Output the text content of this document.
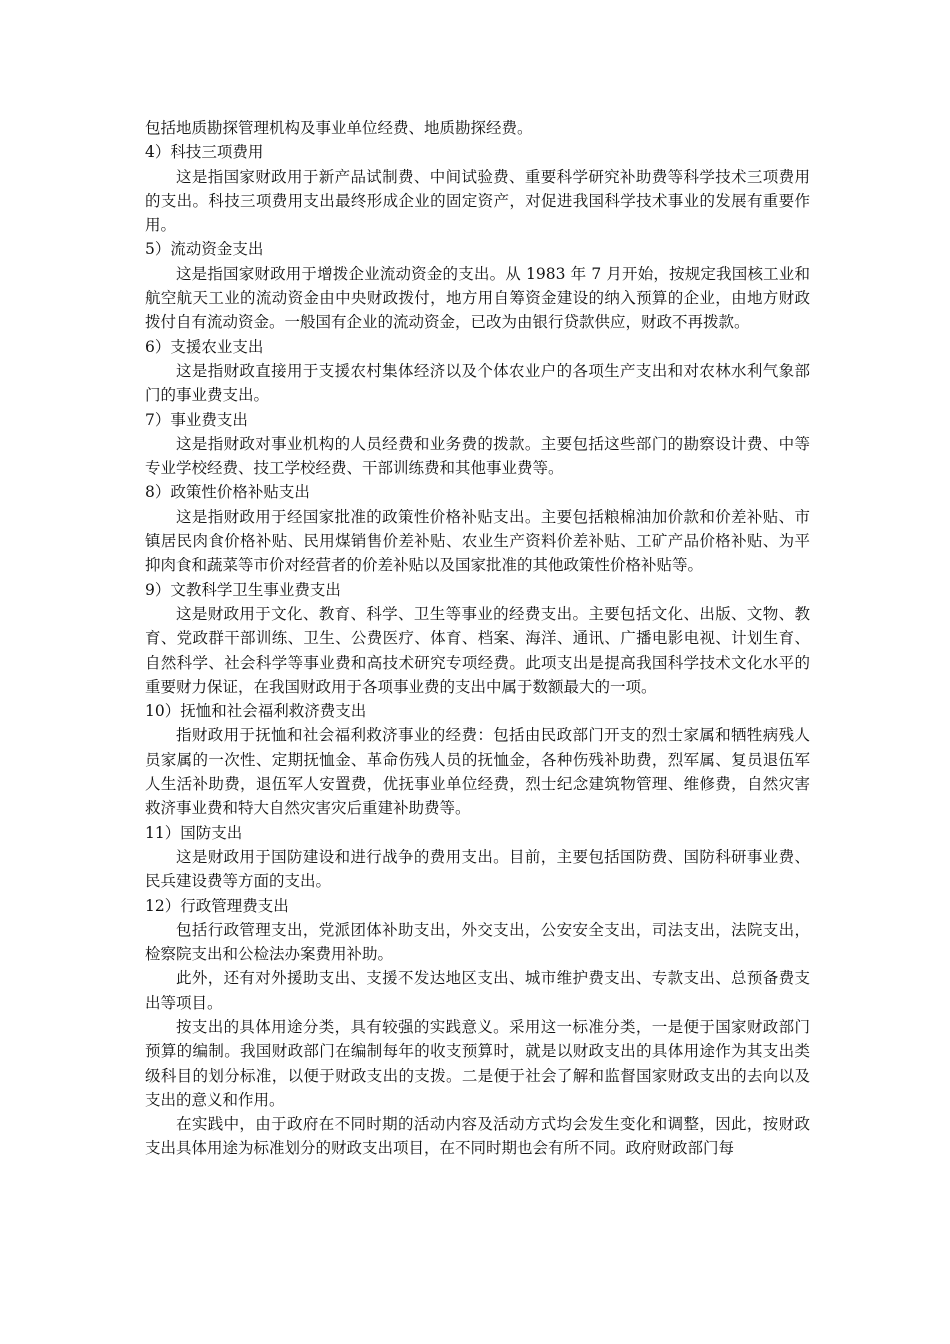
包括地质勘探管理机构及事业单位经费、地质勘探经费。

4）科技三项费用

这是指国家财政用于新产品试制费、中间试验费、重要科学研究补助费等科学技术三项费用的支出。科技三项费用支出最终形成企业的固定资产，对促进我国科学技术事业的发展有重要作用。

5）流动资金支出

这是指国家财政用于增拨企业流动资金的支出。从 1983 年 7 月开始，按规定我国核工业和航空航天工业的流动资金由中央财政拨付，地方用自筹资金建设的纳入预算的企业，由地方财政拨付自有流动资金。一般国有企业的流动资金，已改为由银行贷款供应，财政不再拨款。

6）支援农业支出

这是指财政直接用于支援农村集体经济以及个体农业户的各项生产支出和对农林水利气象部门的事业费支出。

7）事业费支出

这是指财政对事业机构的人员经费和业务费的拨款。主要包括这些部门的勘察设计费、中等专业学校经费、技工学校经费、干部训练费和其他事业费等。

8）政策性价格补贴支出

这是指财政用于经国家批准的政策性价格补贴支出。主要包括粮棉油加价款和价差补贴、市镇居民肉食价格补贴、民用煤销售价差补贴、农业生产资料价差补贴、工矿产品价格补贴、为平抑肉食和蔬菜等市价对经营者的价差补贴以及国家批准的其他政策性价格补贴等。

9）文教科学卫生事业费支出

这是财政用于文化、教育、科学、卫生等事业的经费支出。主要包括文化、出版、文物、教育、党政群干部训练、卫生、公费医疗、体育、档案、海洋、通讯、广播电影电视、计划生育、自然科学、社会科学等事业费和高技术研究专项经费。此项支出是提高我国科学技术文化水平的重要财力保证，在我国财政用于各项事业费的支出中属于数额最大的一项。

10）抚恤和社会福利救济费支出

指财政用于抚恤和社会福利救济事业的经费：包括由民政部门开支的烈士家属和牺牲病残人员家属的一次性、定期抚恤金、革命伤残人员的抚恤金，各种伤残补助费，烈军属、复员退伍军人生活补助费，退伍军人安置费，优抚事业单位经费，烈士纪念建筑物管理、维修费，自然灾害救济事业费和特大自然灾害灾后重建补助费等。

11）国防支出

这是财政用于国防建设和进行战争的费用支出。目前，主要包括国防费、国防科研事业费、民兵建设费等方面的支出。

12）行政管理费支出

包括行政管理支出，党派团体补助支出，外交支出，公安安全支出，司法支出，法院支出，检察院支出和公检法办案费用补助。

此外，还有对外援助支出、支援不发达地区支出、城市维护费支出、专款支出、总预备费支出等项目。

按支出的具体用途分类，具有较强的实践意义。采用这一标准分类，一是便于国家财政部门预算的编制。我国财政部门在编制每年的收支预算时，就是以财政支出的具体用途作为其支出类级科目的划分标准，以便于财政支出的支拨。二是便于社会了解和监督国家财政支出的去向以及支出的意义和作用。

在实践中，由于政府在不同时期的活动内容及活动方式均会发生变化和调整，因此，按财政支出具体用途为标准划分的财政支出项目，在不同时期也会有所不同。政府财政部门每
